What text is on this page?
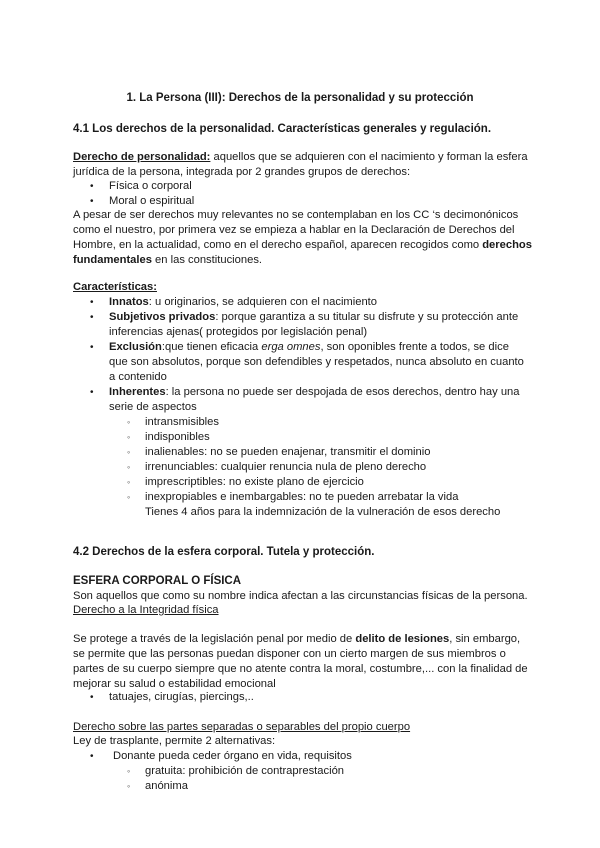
1. La Persona (III): Derechos de la personalidad y su protección
4.1 Los derechos de la personalidad. Características generales y regulación.
Derecho de personalidad: aquellos que se adquieren con el nacimiento y forman la esfera
jurídica de la persona, integrada por 2 grandes grupos de derechos:
• Física o corporal
• Moral o espiritual
A pesar de ser derechos muy relevantes no se contemplaban en los CC ‘s decimonónicos
como el nuestro, por primera vez se empieza a hablar en la Declaración de Derechos del
Hombre, en la actualidad, como en el derecho español, aparecen recogidos como derechos
fundamentales en las constituciones.
Características:
• Innatos: u originarios, se adquieren con el nacimiento
• Subjetivos privados: porque garantiza a su titular su disfrute y su protección ante inferencias ajenas( protegidos por legislación penal)
• Exclusión:que tienen eficacia erga omnes, son oponibles frente a todos, se dice que son absolutos, porque son defendibles y respetados, nunca absoluto en cuanto a contenido
• Inherentes: la persona no puede ser despojada de esos derechos, dentro hay una serie de aspectos
◦ intransmisibles
◦ indisponibles
◦ inalienables: no se pueden enajenar, transmitir el dominio
◦ irrenunciables: cualquier renuncia nula de pleno derecho
◦ imprescriptibles: no existe plano de ejercicio
◦ inexpropiables e inembargables: no te pueden arrebatar la vida
Tienes 4 años para la indemnización de la vulneración de esos derecho
4.2 Derechos de la esfera corporal. Tutela y protección.
ESFERA CORPORAL O FÍSICA
Son aquellos que como su nombre indica afectan a las circunstancias físicas de la persona.
Derecho a la Integridad física
Se protege a través de la legislación penal por medio de delito de lesiones, sin embargo,
se permite que las personas puedan disponer con un cierto margen de sus miembros o
partes de su cuerpo siempre que no atente contra la moral, costumbre,... con la finalidad de
mejorar su salud o estabilidad emocional
• tatuajes, cirugías, piercings,..
Derecho sobre las partes separadas o separables del propio cuerpo
Ley de trasplante, permite 2 alternativas:
• Donante pueda ceder órgano en vida, requisitos
◦ gratuita: prohibición de contraprestación
◦ anónima
